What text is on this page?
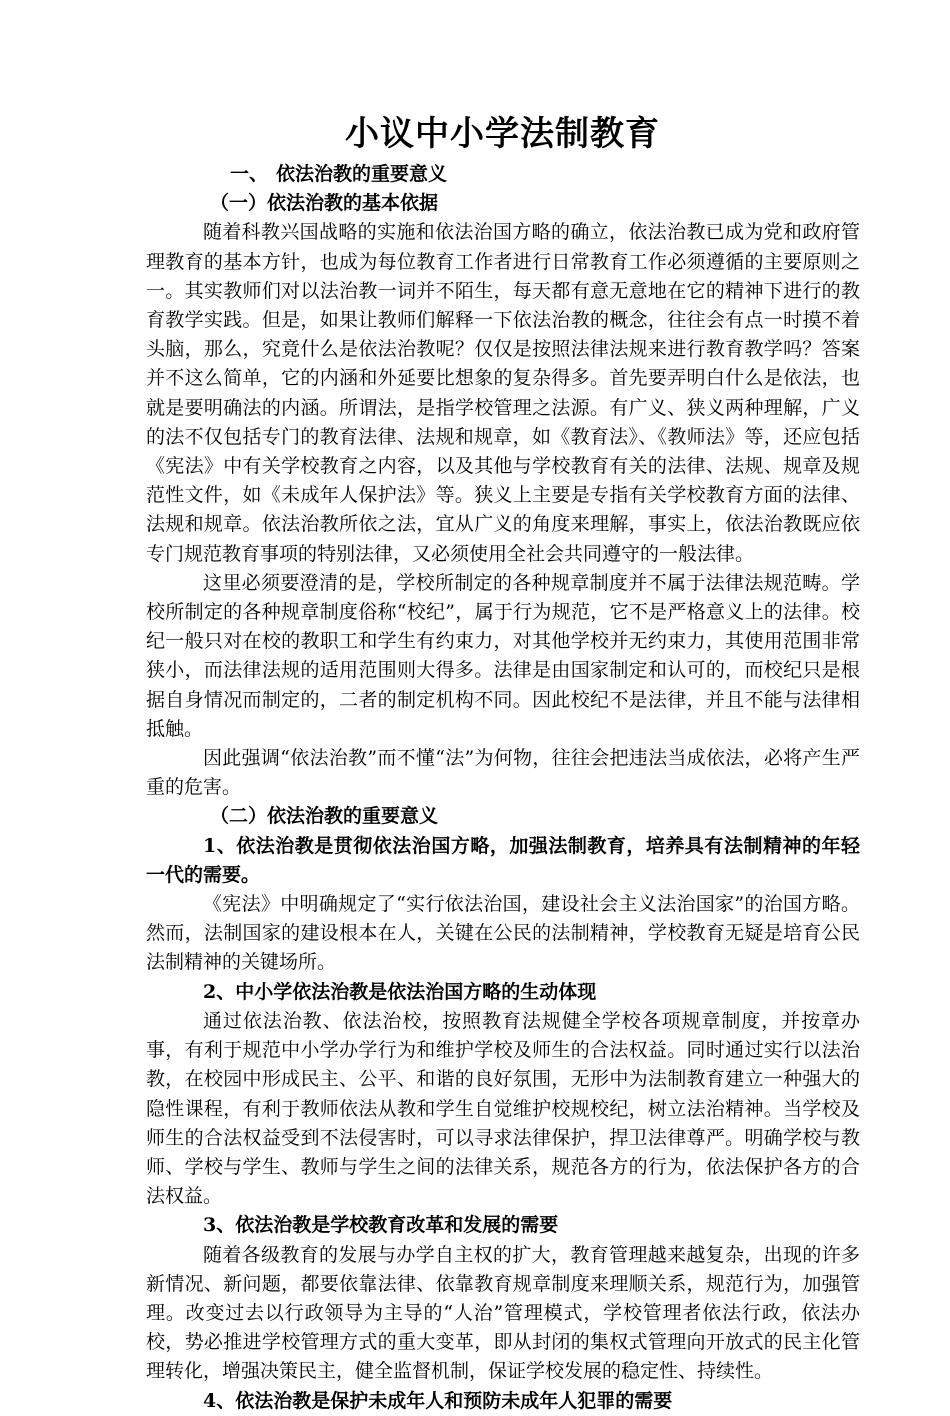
小议中小学法制教育

一、 依法治教的重要意义

（一）依法治教的基本依据

随着科教兴国战略的实施和依法治国方略的确立，依法治教已成为党和政府管理教育的基本方针，也成为每位教育工作者进行日常教育工作必须遵循的主要原则之一。其实教师们对以法治教一词并不陌生，每天都有意无意地在它的精神下进行的教育教学实践。但是，如果让教师们解释一下依法治教的概念，往往会有点一时摸不着头脑，那么，究竟什么是依法治教呢？仅仅是按照法律法规来进行教育教学吗？答案并不这么简单，它的内涵和外延要比想象的复杂得多。首先要弄明白什么是依法，也就是要明确法的内涵。所谓法，是指学校管理之法源。有广义、狭义两种理解，广义的法不仅包括专门的教育法律、法规和规章，如《教育法》、《教师法》等，还应包括《宪法》中有关学校教育之内容，以及其他与学校教育有关的法律、法规、规章及规范性文件，如《未成年人保护法》等。狭义上主要是专指有关学校教育方面的法律、法规和规章。依法治教所依之法，宜从广义的角度来理解，事实上，依法治教既应依专门规范教育事项的特别法律，又必须使用全社会共同遵守的一般法律。

这里必须要澄清的是，学校所制定的各种规章制度并不属于法律法规范畴。学校所制定的各种规章制度俗称“校纪”，属于行为规范，它不是严格意义上的法律。校纪一般只对在校的教职工和学生有约束力，对其他学校并无约束力，其使用范围非常狭小，而法律法规的适用范围则大得多。法律是由国家制定和认可的，而校纪只是根据自身情况而制定的，二者的制定机构不同。因此校纪不是法律，并且不能与法律相抵触。

因此强调“依法治教”而不懂“法”为何物，往往会把违法当成依法，必将产生严重的危害。

（二）依法治教的重要意义

1、依法治教是贯彻依法治国方略，加强法制教育，培养具有法制精神的年轻一代的需要。

《宪法》中明确规定了“实行依法治国，建设社会主义法治国家”的治国方略。然而，法制国家的建设根本在人，关键在公民的法制精神，学校教育无疑是培育公民法制精神的关键场所。

2、中小学依法治教是依法治国方略的生动体现

通过依法治教、依法治校，按照教育法规健全学校各项规章制度，并按章办事，有利于规范中小学办学行为和维护学校及师生的合法权益。同时通过实行以法治教，在校园中形成民主、公平、和谐的良好氛围，无形中为法制教育建立一种强大的隐性课程，有利于教师依法从教和学生自觉维护校规校纪，树立法治精神。当学校及师生的合法权益受到不法侵害时，可以寻求法律保护，捍卫法律尊严。明确学校与教师、学校与学生、教师与学生之间的法律关系，规范各方的行为，依法保护各方的合法权益。

3、依法治教是学校教育改革和发展的需要

随着各级教育的发展与办学自主权的扩大，教育管理越来越复杂，出现的许多新情况、新问题，都要依靠法律、依靠教育规章制度来理顺关系，规范行为，加强管理。改变过去以行政领导为主导的“人治”管理模式，学校管理者依法行政，依法办校，势必推进学校管理方式的重大变革，即从封闭的集权式管理向开放式的民主化管理转化，增强决策民主，健全监督机制，保证学校发展的稳定性、持续性。

4、依法治教是保护未成年人和预防未成年人犯罪的需要
